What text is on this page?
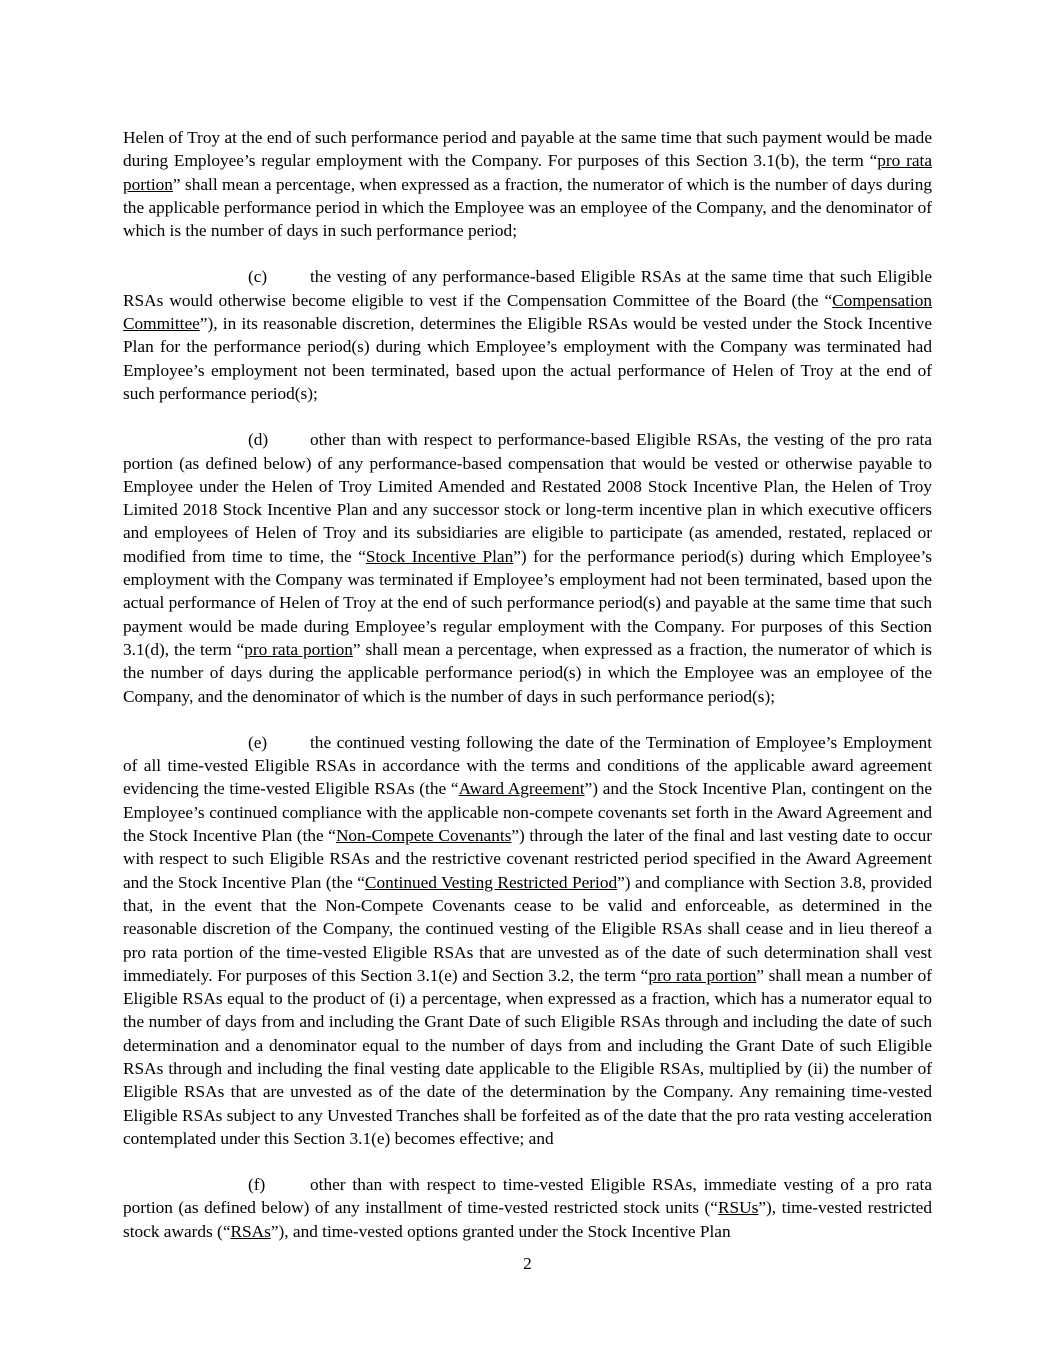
Helen of Troy at the end of such performance period and payable at the same time that such payment would be made during Employee’s regular employment with the Company. For purposes of this Section 3.1(b), the term “pro rata portion” shall mean a percentage, when expressed as a fraction, the numerator of which is the number of days during the applicable performance period in which the Employee was an employee of the Company, and the denominator of which is the number of days in such performance period;

(c) the vesting of any performance-based Eligible RSAs at the same time that such Eligible RSAs would otherwise become eligible to vest if the Compensation Committee of the Board (the “Compensation Committee”), in its reasonable discretion, determines the Eligible RSAs would be vested under the Stock Incentive Plan for the performance period(s) during which Employee’s employment with the Company was terminated had Employee’s employment not been terminated, based upon the actual performance of Helen of Troy at the end of such performance period(s);

(d) other than with respect to performance-based Eligible RSAs, the vesting of the pro rata portion (as defined below) of any performance-based compensation that would be vested or otherwise payable to Employee under the Helen of Troy Limited Amended and Restated 2008 Stock Incentive Plan, the Helen of Troy Limited 2018 Stock Incentive Plan and any successor stock or long-term incentive plan in which executive officers and employees of Helen of Troy and its subsidiaries are eligible to participate (as amended, restated, replaced or modified from time to time, the “Stock Incentive Plan”) for the performance period(s) during which Employee’s employment with the Company was terminated if Employee’s employment had not been terminated, based upon the actual performance of Helen of Troy at the end of such performance period(s) and payable at the same time that such payment would be made during Employee’s regular employment with the Company. For purposes of this Section 3.1(d), the term “pro rata portion” shall mean a percentage, when expressed as a fraction, the numerator of which is the number of days during the applicable performance period(s) in which the Employee was an employee of the Company, and the denominator of which is the number of days in such performance period(s);

(e) the continued vesting following the date of the Termination of Employee’s Employment of all time-vested Eligible RSAs in accordance with the terms and conditions of the applicable award agreement evidencing the time-vested Eligible RSAs (the “Award Agreement”) and the Stock Incentive Plan, contingent on the Employee’s continued compliance with the applicable non-compete covenants set forth in the Award Agreement and the Stock Incentive Plan (the “Non-Compete Covenants”) through the later of the final and last vesting date to occur with respect to such Eligible RSAs and the restrictive covenant restricted period specified in the Award Agreement and the Stock Incentive Plan (the “Continued Vesting Restricted Period”) and compliance with Section 3.8, provided that, in the event that the Non-Compete Covenants cease to be valid and enforceable, as determined in the reasonable discretion of the Company, the continued vesting of the Eligible RSAs shall cease and in lieu thereof a pro rata portion of the time-vested Eligible RSAs that are unvested as of the date of such determination shall vest immediately. For purposes of this Section 3.1(e) and Section 3.2, the term “pro rata portion” shall mean a number of Eligible RSAs equal to the product of (i) a percentage, when expressed as a fraction, which has a numerator equal to the number of days from and including the Grant Date of such Eligible RSAs through and including the date of such determination and a denominator equal to the number of days from and including the Grant Date of such Eligible RSAs through and including the final vesting date applicable to the Eligible RSAs, multiplied by (ii) the number of Eligible RSAs that are unvested as of the date of the determination by the Company. Any remaining time-vested Eligible RSAs subject to any Unvested Tranches shall be forfeited as of the date that the pro rata vesting acceleration contemplated under this Section 3.1(e) becomes effective; and

(f)	other than with respect to time-vested Eligible RSAs, immediate vesting of a pro rata portion (as defined below) of any installment of time-vested restricted stock units (“RSUs”), time-vested restricted stock awards (“RSAs”), and time-vested options granted under the Stock Incentive Plan

2
